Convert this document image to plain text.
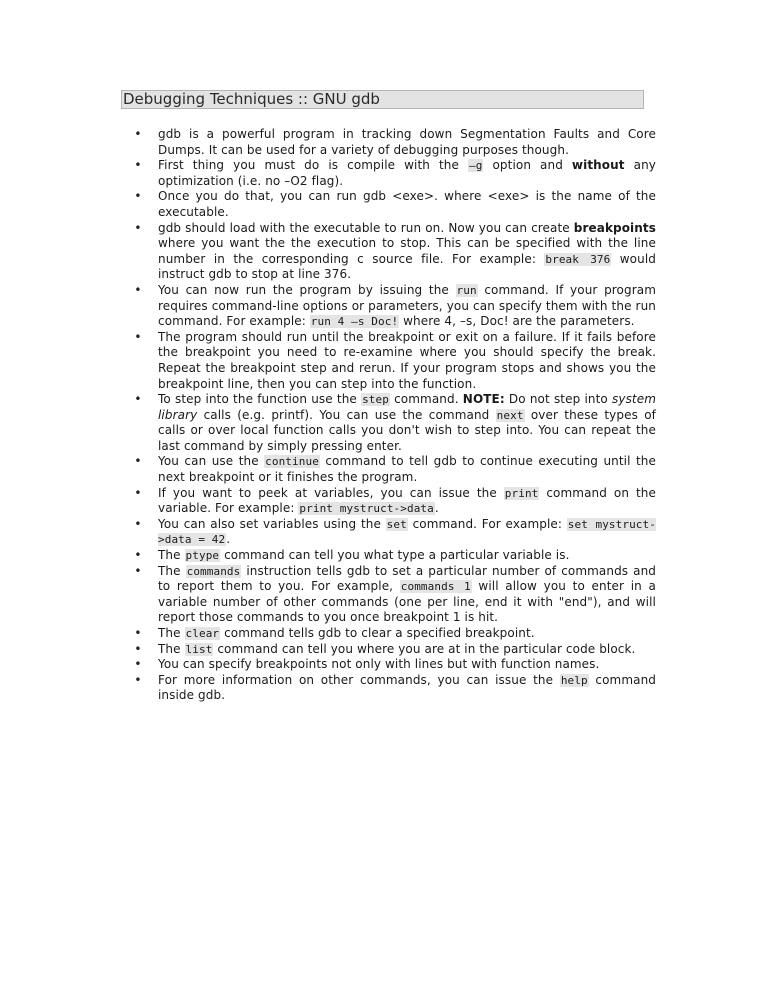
Debugging Techniques :: GNU gdb
• gdb is a powerful program in tracking down Segmentation Faults and Core Dumps. It can be used for a variety of debugging purposes though.
• First thing you must do is compile with the –g option and without any optimization (i.e. no –O2 flag).
• Once you do that, you can run gdb <exe>. where <exe> is the name of the executable.
• gdb should load with the executable to run on. Now you can create breakpoints where you want the the execution to stop. This can be specified with the line number in the corresponding c source file. For example: break 376 would instruct gdb to stop at line 376.
• You can now run the program by issuing the run command. If your program requires command-line options or parameters, you can specify them with the run command. For example: run 4 –s Doc! where 4, –s, Doc! are the parameters.
• The program should run until the breakpoint or exit on a failure. If it fails before the breakpoint you need to re-examine where you should specify the break. Repeat the breakpoint step and rerun. If your program stops and shows you the breakpoint line, then you can step into the function.
• To step into the function use the step command. NOTE: Do not step into system library calls (e.g. printf). You can use the command next over these types of calls or over local function calls you don't wish to step into. You can repeat the last command by simply pressing enter.
• You can use the continue command to tell gdb to continue executing until the next breakpoint or it finishes the program.
• If you want to peek at variables, you can issue the print command on the variable. For example: print mystruct->data.
• You can also set variables using the set command. For example: set mystruct->data = 42.
• The ptype command can tell you what type a particular variable is.
• The commands instruction tells gdb to set a particular number of commands and to report them to you. For example, commands 1 will allow you to enter in a variable number of other commands (one per line, end it with "end"), and will report those commands to you once breakpoint 1 is hit.
• The clear command tells gdb to clear a specified breakpoint.
• The list command can tell you where you are at in the particular code block.
• You can specify breakpoints not only with lines but with function names.
• For more information on other commands, you can issue the help command inside gdb.
